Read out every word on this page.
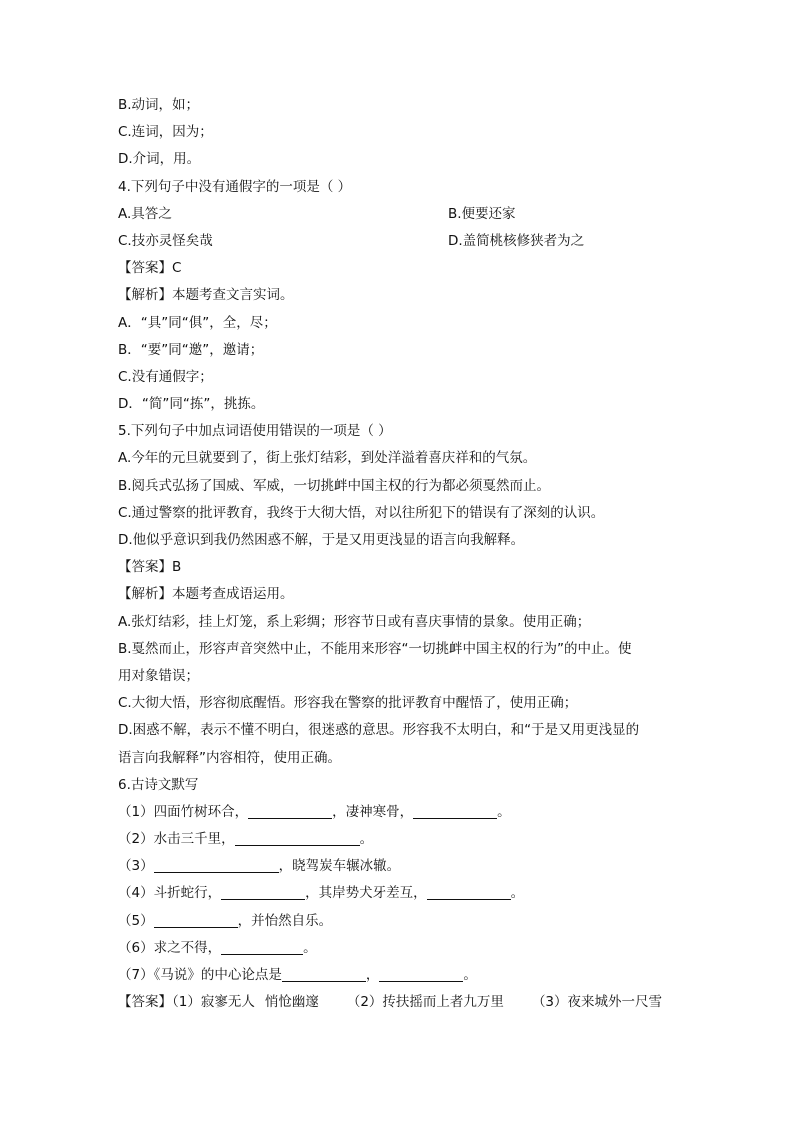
B.动词，如；
C.连词，因为；
D.介词，用。
4.下列句子中没有通假字的一项是（ ）
A.具答之	B.便要还家
C.技亦灵怪矣哉	D.盖简桃核修狭者为之
【答案】C
【解析】本题考查文言实词。
A．“具”同“俱”，全，尽；
B．“要”同“邀”，邀请；
C.没有通假字；
D．“简”同“拣”，挑拣。
5.下列句子中加点词语使用错误的一项是（ ）
A.今年的元旦就要到了，街上张灯结彩，到处洋溢着喜庆祥和的气氛。
B.阅兵式弘扬了国威、军威，一切挑衅中国主权的行为都必须戛然而止。
C.通过警察的批评教育，我终于大彻大悟，对以往所犯下的错误有了深刻的认识。
D.他似乎意识到我仍然困惑不解，于是又用更浅显的语言向我解释。
【答案】B
【解析】本题考查成语运用。
A.张灯结彩，挂上灯笼，系上彩绸；形容节日或有喜庆事情的景象。使用正确；
B.戛然而止，形容声音突然中止，不能用来形容“一切挑衅中国主权的行为”的中止。使
用对象错误；
C.大彻大悟，形容彻底醒悟。形容我在警察的批评教育中醒悟了，使用正确；
D.困惑不解，表示不懂不明白，很迷惑的意思。形容我不太明白，和“于是又用更浅显的
语言向我解释”内容相符，使用正确。
6.古诗文默写
（1）四面竹树环合，	，凄神寒骨，	。
（2）水击三千里，	。
（3）	，晓驾炭车辗冰辙。
（4）斗折蛇行，	，其岸势犬牙差互，	。
（5）	，并怡然自乐。
（6）求之不得，	。
（7）《马说》的中心论点是	，	。
【答案】（1）寂寥无人 悄怆幽邃 （2）抟扶摇而上者九万里 （3）夜来城外一尺雪
